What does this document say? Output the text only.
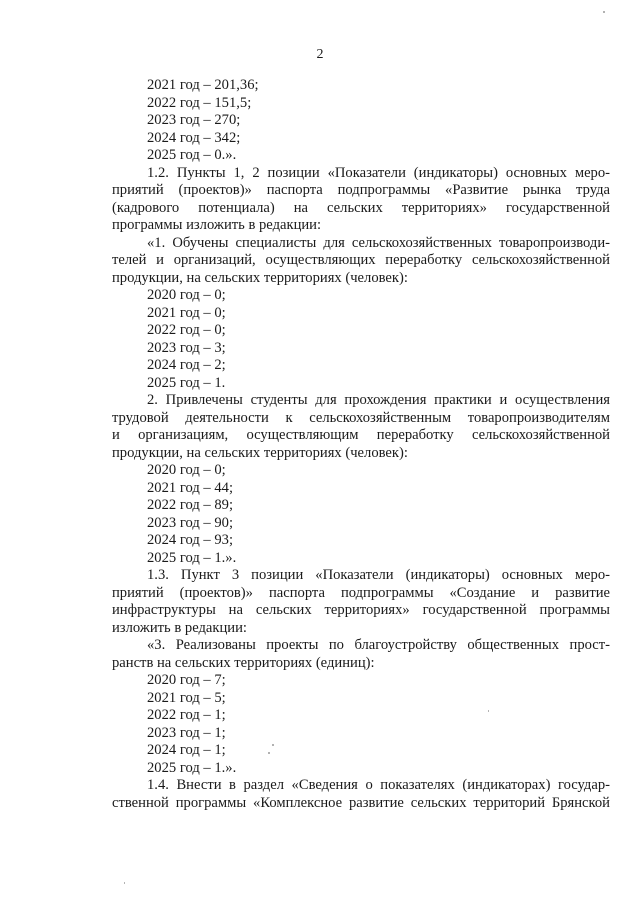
2
2021 год – 201,36;
2022 год – 151,5;
2023 год – 270;
2024 год – 342;
2025 год – 0.».
1.2. Пункты 1, 2 позиции «Показатели (индикаторы) основных меро-
приятий (проектов)» паспорта подпрограммы «Развитие рынка труда
(кадрового потенциала) на сельских территориях» государственной
программы изложить в редакции:
«1. Обучены специалисты для сельскохозяйственных товаропроизводи-
телей и организаций, осуществляющих переработку сельскохозяйственной
продукции, на сельских территориях (человек):
2020 год – 0;
2021 год – 0;
2022 год – 0;
2023 год – 3;
2024 год – 2;
2025 год – 1.
2. Привлечены студенты для прохождения практики и осуществления
трудовой деятельности к сельскохозяйственным товаропроизводителям
и организациям, осуществляющим переработку сельскохозяйственной
продукции, на сельских территориях (человек):
2020 год – 0;
2021 год – 44;
2022 год – 89;
2023 год – 90;
2024 год – 93;
2025 год – 1.».
1.3. Пункт 3 позиции «Показатели (индикаторы) основных меро-
приятий (проектов)» паспорта подпрограммы «Создание и развитие
инфраструктуры на сельских территориях» государственной программы
изложить в редакции:
«3. Реализованы проекты по благоустройству общественных прост-
ранств на сельских территориях (единиц):
2020 год – 7;
2021 год – 5;
2022 год – 1;
2023 год – 1;
2024 год – 1;
2025 год – 1.».
1.4. Внести в раздел «Сведения о показателях (индикаторах) государ-
ственной программы «Комплексное развитие сельских территорий Брянской
